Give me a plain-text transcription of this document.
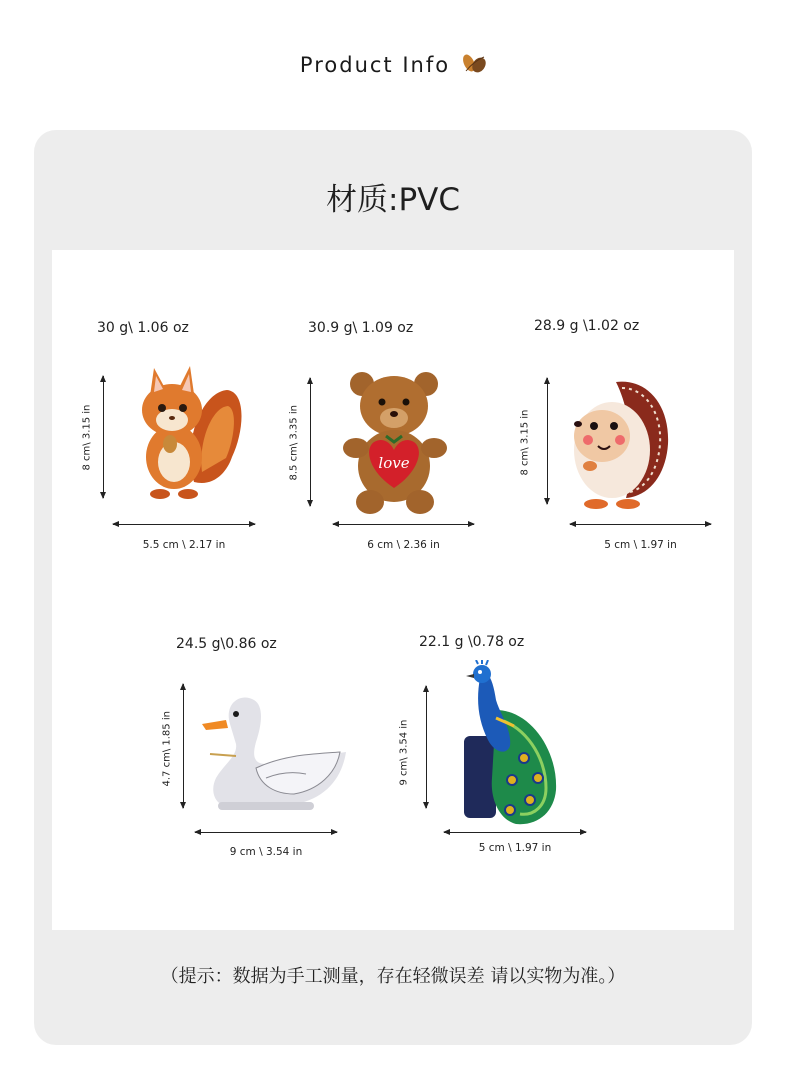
Product Info
材质:PVC
30 g\ 1.06 oz
8 cm\ 3.15 in
5.5 cm \ 2.17 in
30.9 g\ 1.09 oz
8.5 cm\ 3.35 in	love
6 cm \ 2.36 in
28.9 g \1.02 oz
8 cm\ 3.15 in
5 cm \ 1.97 in
24.5 g\0.86 oz
4.7 cm\ 1.85 in
9 cm \ 3.54 in
22.1 g \0.78 oz
9 cm\ 3.54 in
5 cm \ 1.97 in
（提示：数据为手工测量，存在轻微误差 请以实物为准。）
